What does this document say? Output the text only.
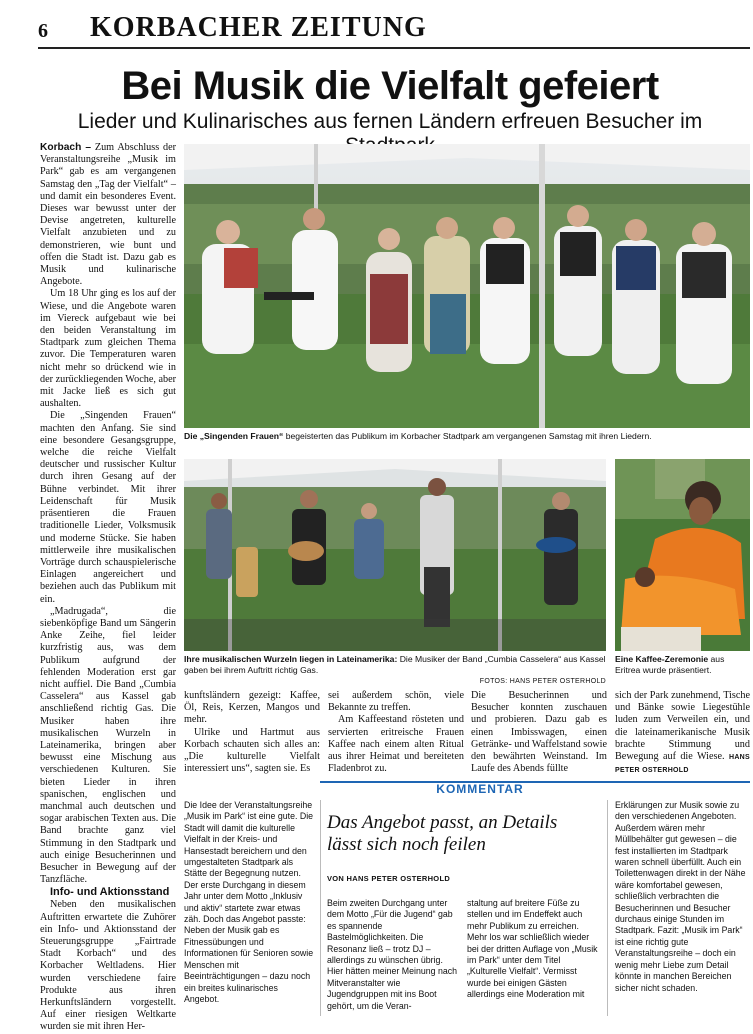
6 KORBACHER ZEITUNG
Bei Musik die Vielfalt gefeiert
Lieder und Kulinarisches aus fernen Ländern erfreuen Besucher im

Korbach – Zum Abschluss der Veranstaltungsreihe „Musik im Park“ gab es am vergangenen Samstag den „Tag der Vielfalt“ – und damit ein besonderes Event. Dieses war bewusst unter der Devise angetreten, kulturelle Vielfalt anzubieten und zu demonstrieren, wie bunt und offen die Stadt ist. Dazu gab es Musik und kulinarische Angebote.

Um 18 Uhr ging es los auf der Wiese, und die Angebote waren im Viereck aufgebaut wie bei den beiden Veranstaltung im Stadtpark zum gleichen Thema zuvor. Die Temperaturen waren nicht mehr so drückend wie in der zurückliegenden Woche, aber mit Jacke ließ es sich gut aushalten.

Die „Singenden Frauen“ machten den Anfang. Sie sind eine besondere Gesangsgruppe, welche die reiche Vielfalt deutscher und russischer Kultur durch ihren Gesang auf der Bühne verbindet. Mit ihrer Leidenschaft für Musik präsentieren die Frauen traditionelle Lieder, Volksmusik und moderne Stücke. Sie haben mittlerweile ihre musikalischen Vorträge durch schauspielerische Einlagen angereichert und beziehen auch das Publikum mit ein.

„Madrugada“, die siebenköpfige Band um Sängerin Anke Zeihe, fiel leider kurzfristig aus, was dem Publikum aufgrund der fehlenden Moderation erst gar nicht auffiel. Die Band „Cumbia Casselera“ aus Kassel gab anschließend richtig Gas. Die Musiker haben ihre musikalischen Wurzeln in Lateinamerika, bringen aber bewusst eine Mischung aus verschiedenen Kulturen. Sie bieten Lieder in ihren spanischen, englischen und manchmal auch deutschen und sogar arabischen Texten aus. Die Band brachte ganz viel Stimmung in den Stadtpark und auch einige Besucherinnen und Besucher in Bewegung auf der Tanzfläche.

Info- und Aktionsstand

Neben den musikalischen Auftritten erwartete die Zuhörer ein Info- und Aktionsstand der Steuerungsgruppe „Fairtrade Stadt Korbach“ und des Korbacher Weltladens. Hier wurden verschiedene faire Produkte aus ihren Herkunftsländern vorgestellt. Auf einer riesigen Weltkarte wurden sie mit ihren Her-

Die „Singenden Frauen“ begeisterten das Publikum im Korbacher Stadtpark am vergangenen Samstag mit ihren Liedern.
Ihre musikalischen Wurzeln liegen in Lateinamerika: Die Musiker der Band „Cumbia Casselera“ aus Kassel gaben bei ihrem Auftritt richtig Gas.
FOTOS: HANS PETER OSTERHOLD
Eine Kaffee-Zeremonie aus Eritrea wurde präsentiert.

kunftsländern gezeigt: Kaffee, Öl, Reis, Kerzen, Mangos und mehr.

Ulrike und Hartmut aus Korbach schauten sich alles an: „Die kulturelle Vielfalt interessiert uns“, sagten sie. Es

sei außerdem schön, viele Bekannte zu treffen.

Am Kaffeestand rösteten und servierten eritreische Frauen Kaffee nach einem alten Ritual aus ihrer Heimat und bereiteten Fladenbrot zu.

Die Besucherinnen und Besucher konnten zuschauen und probieren. Dazu gab es einen Imbisswagen, einen Getränke- und Waffelstand sowie den bewährten Weinstand. Im Laufe des Abends füllte

sich der Park zunehmend, Tische und Bänke sowie Liegestühle luden zum Verweilen ein, und die lateinamerikanische Musik brachte Stimmung und Bewegung auf die Wiese. HANS PETER OSTERHOLD

KOMMENTAR
Die Idee der Veranstaltungsreihe „Musik im Park“ ist eine gute. Die Stadt will damit die kulturelle Vielfalt in der Kreis- und Hansestadt bereichern und den umgestalteten Stadtpark als Stätte der Begegnung nutzen. Der erste Durchgang in diesem Jahr unter dem Motto „Inklusiv und aktiv“ startete zwar etwas zäh. Doch das Angebot passte: Neben der Musik gab es Fitnessübungen und Informationen für Senioren sowie Menschen mit Beeinträchtigungen – dazu noch ein breites kulinarisches Angebot.
Das Angebot passt, an Details lässt sich noch feilen
VON HANS PETER OSTERHOLD
Beim zweiten Durchgang unter dem Motto „Für die Jugend“ gab es spannende Bastelmöglichkeiten. Die Resonanz ließ – trotz DJ – allerdings zu wünschen übrig. Hier hätten meiner Meinung nach Mitveranstalter wie Jugendgruppen mit ins Boot gehört, um die Veran-
staltung auf breitere Füße zu stellen und im Endeffekt auch mehr Publikum zu erreichen. Mehr los war schließlich wieder bei der dritten Auflage von „Musik im Park“ unter dem Titel „Kulturelle Vielfalt“. Vermisst wurde bei einigen Gästen allerdings eine Moderation mit
Erklärungen zur Musik sowie zu den verschiedenen Angeboten. Außerdem wären mehr Müllbehälter gut gewesen – die fest installierten im Stadtpark waren schnell überfüllt. Auch ein Toilettenwagen direkt in der Nähe wäre komfortabel gewesen, schließlich verbrachten die Besucherinnen und Besucher durchaus einige Stunden im Stadtpark. Fazit: „Musik im Park“ ist eine richtig gute Veranstaltungsreihe – doch ein wenig mehr Liebe zum Detail könnte in manchen Bereichen sicher nicht schaden.
